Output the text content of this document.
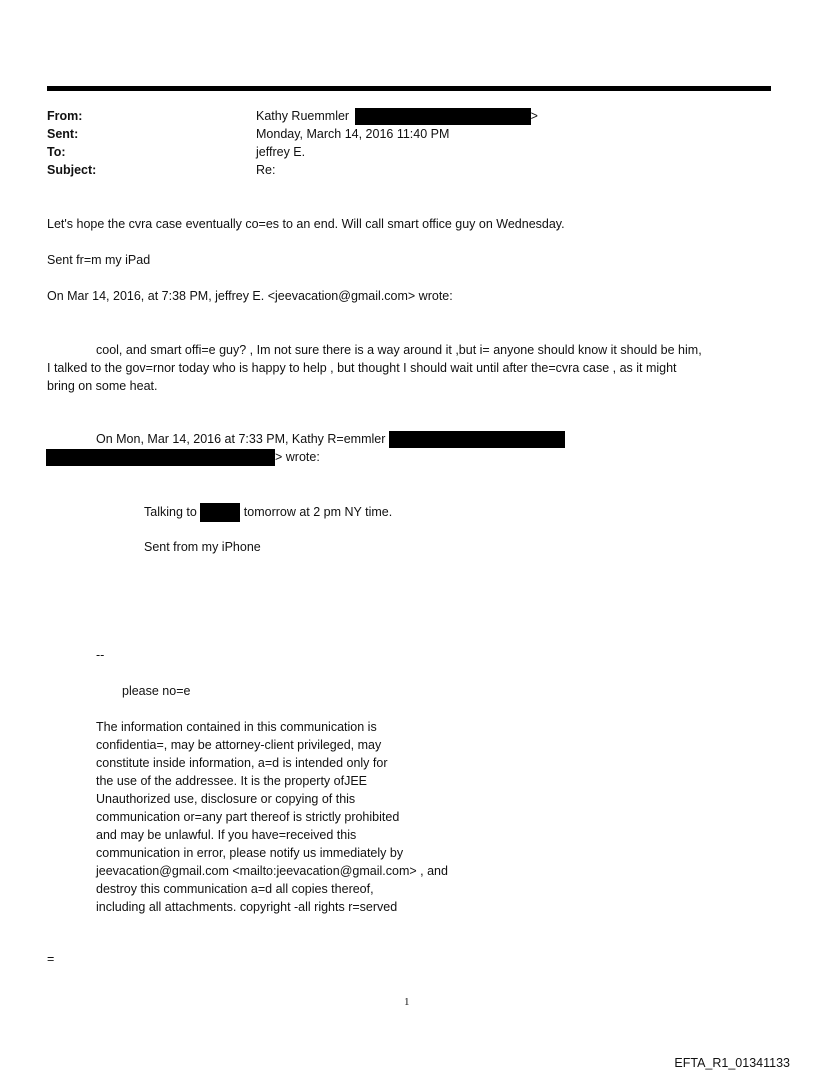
From:	Kathy Ruemmler	>
Sent:	Monday, March 14, 2016 11:40 PM
To:	jeffrey E.
Subject:	Re:
Let's hope the cvra case eventually co=es to an end. Will call smart office guy on Wednesday.
Sent fr=m my iPad
On Mar 14, 2016, at 7:38 PM, jeffrey E. <jeevacation@gmail.com> wrote:
cool, and smart offi=e guy? , Im not sure there is a way around it ,but i= anyone should know it should be him,
I talked to the gov=rnor today who is happy to help , but thought I should wait until after the=cvra case , as it might
bring on some heat.
On Mon, Mar 14, 2016 at 7:33 PM, Kathy R=emmler
> wrote:
Talking to	tomorrow at 2 pm NY time.
Sent from my iPhone
--
please no=e
The information contained in this communication is
confidentia=, may be attorney-client privileged, may
constitute inside information, a=d is intended only for
the use of the addressee. It is the property ofJEE
Unauthorized use, disclosure or copying of this
communication or=any part thereof is strictly prohibited
and may be unlawful. If you have=received this
communication in error, please notify us immediately by
jeevacation@gmail.com <mailto:jeevacation@gmail.com> , and
destroy this communication a=d all copies thereof,
including all attachments. copyright -all rights r=served
=
1
EFTA_R1_01341133
